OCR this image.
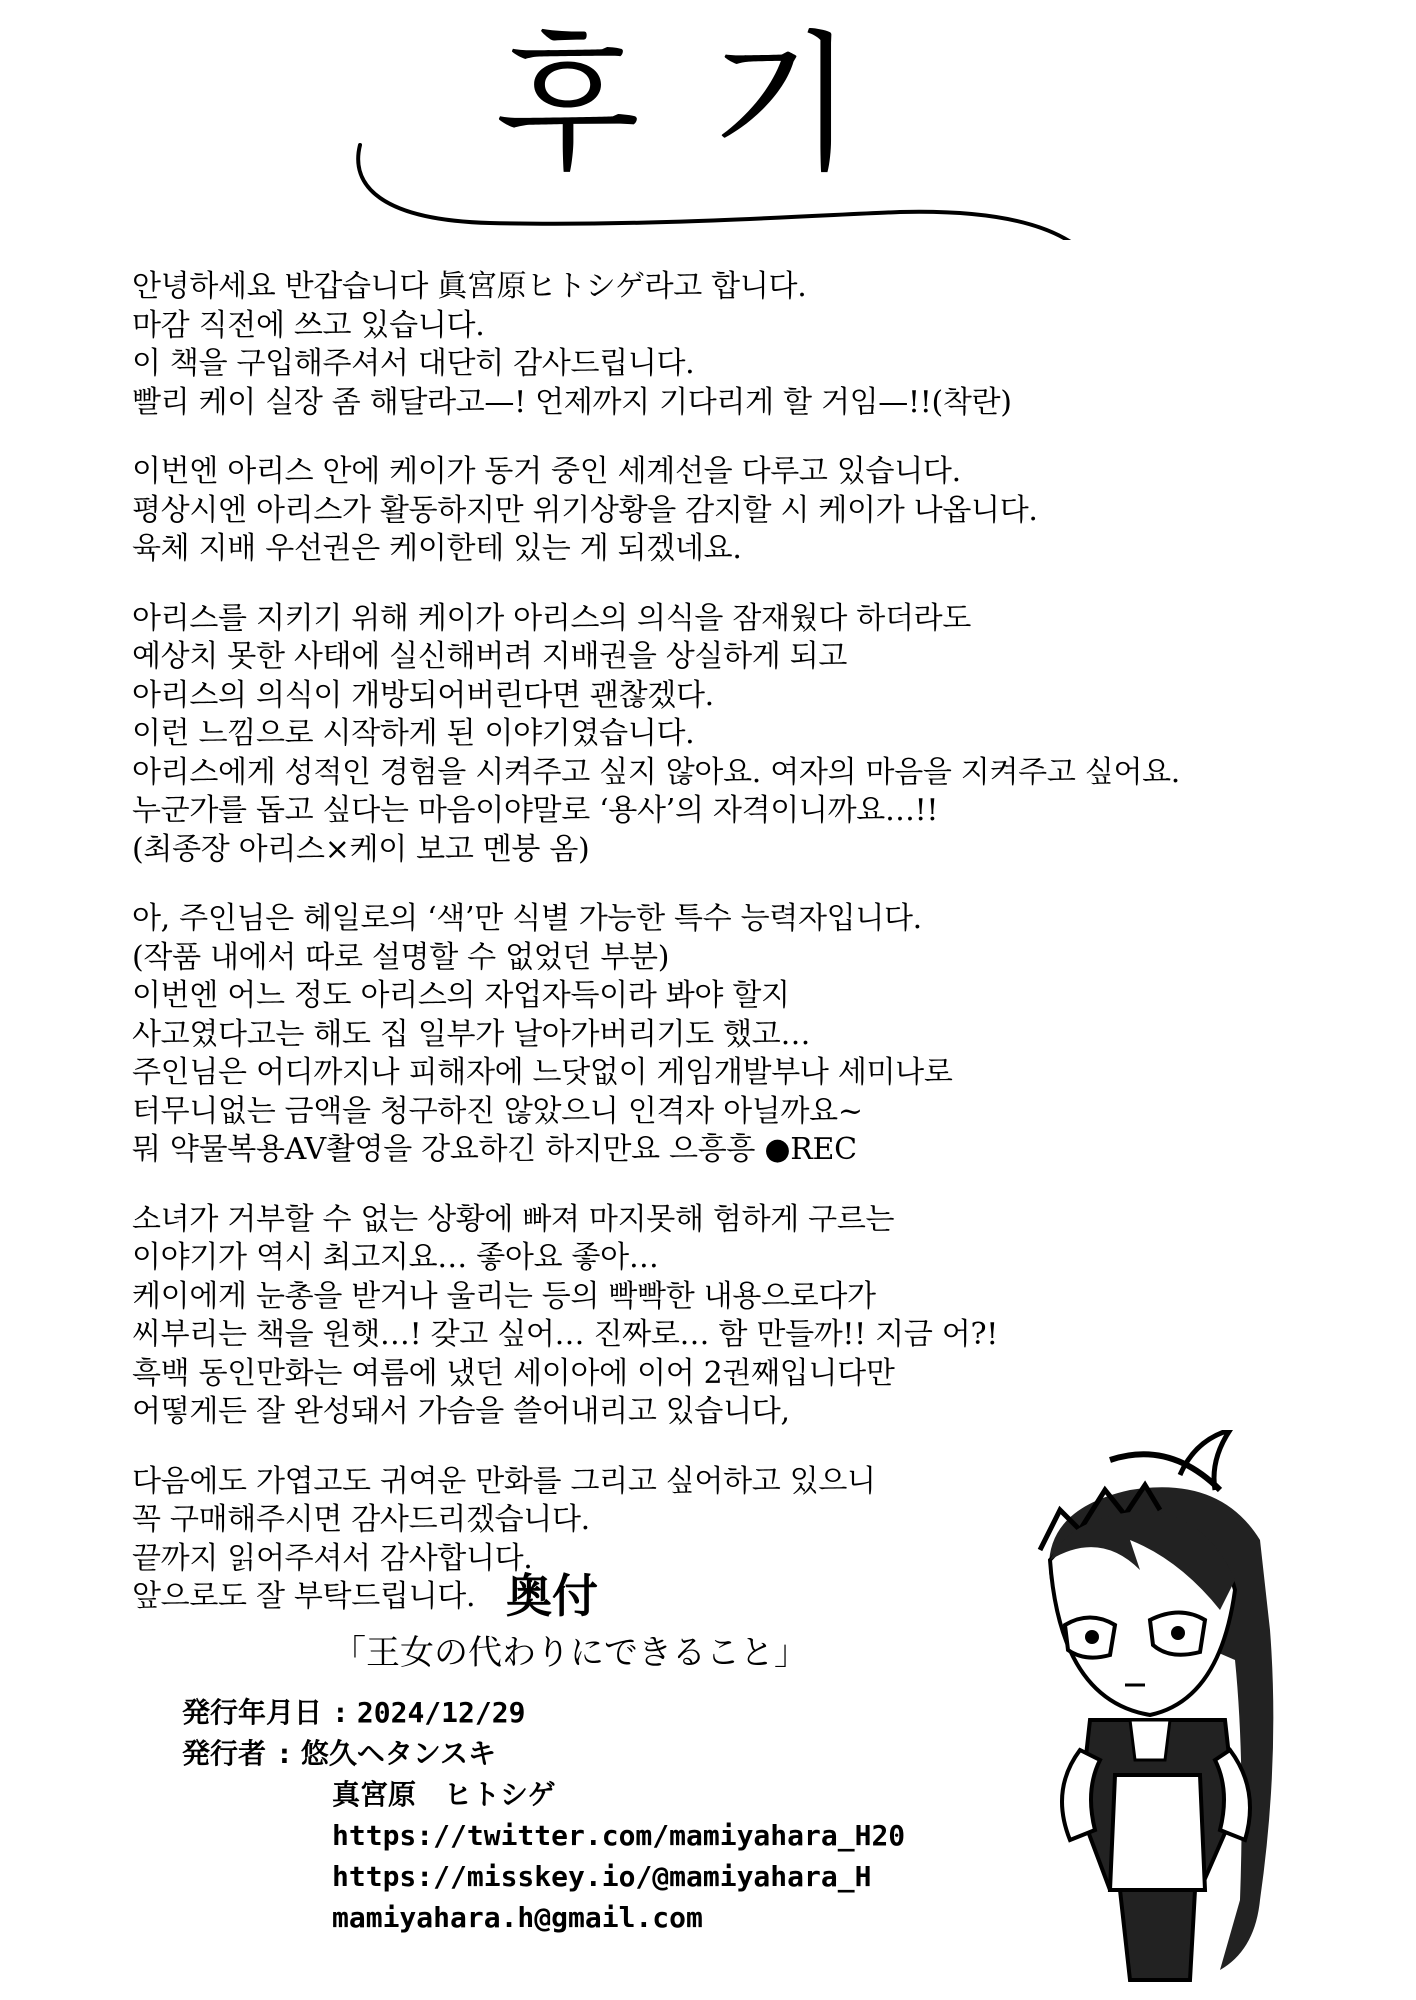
후기
안녕하세요 반갑습니다 眞宮原ヒトシゲ라고 합니다.
마감 직전에 쓰고 있습니다.
이 책을 구입해주셔서 대단히 감사드립니다.
빨리 케이 실장 좀 해달라고—! 언제까지 기다리게 할 거임—!!(착란)
이번엔 아리스 안에 케이가 동거 중인 세계선을 다루고 있습니다.
평상시엔 아리스가 활동하지만 위기상황을 감지할 시 케이가 나옵니다.
육체 지배 우선권은 케이한테 있는 게 되겠네요.
아리스를 지키기 위해 케이가 아리스의 의식을 잠재웠다 하더라도
예상치 못한 사태에 실신해버려 지배권을 상실하게 되고
아리스의 의식이 개방되어버린다면 괜찮겠다.
이런 느낌으로 시작하게 된 이야기였습니다.
아리스에게 성적인 경험을 시켜주고 싶지 않아요. 여자의 마음을 지켜주고 싶어요.
누군가를 돕고 싶다는 마음이야말로 ‘용사’의 자격이니까요…!!
(최종장 아리스×케이 보고 멘붕 옴)
아, 주인님은 헤일로의 ‘색’만 식별 가능한 특수 능력자입니다.
(작품 내에서 따로 설명할 수 없었던 부분)
이번엔 어느 정도 아리스의 자업자득이라 봐야 할지
사고였다고는 해도 집 일부가 날아가버리기도 했고…
주인님은 어디까지나 피해자에 느닷없이 게임개발부나 세미나로
터무니없는 금액을 청구하진 않았으니 인격자 아닐까요~
뭐 약물복용AV촬영을 강요하긴 하지만요 으흥흥 ●REC
소녀가 거부할 수 없는 상황에 빠져 마지못해 험하게 구르는
이야기가 역시 최고지요… 좋아요 좋아…
케이에게 눈총을 받거나 울리는 등의 빡빡한 내용으로다가
씨부리는 책을 원햇…! 갖고 싶어… 진짜로… 함 만들까!! 지금 어?!
흑백 동인만화는 여름에 냈던 세이아에 이어 2권째입니다만
어떻게든 잘 완성돼서 가슴을 쓸어내리고 있습니다,
다음에도 가엽고도 귀여운 만화를 그리고 싶어하고 있으니
꼭 구매해주시면 감사드리겠습니다.
끝까지 읽어주셔서 감사합니다.
앞으로도 잘 부탁드립니다. 奥付
「王女の代わりにできること」
発行年月日 : 2024/12/29
発行者 : 悠久ヘタンスキ
真宮原　ヒトシゲ
https://twitter.com/mamiyahara_H20
https://misskey.io/@mamiyahara_H
mamiyahara.h@gmail.com
